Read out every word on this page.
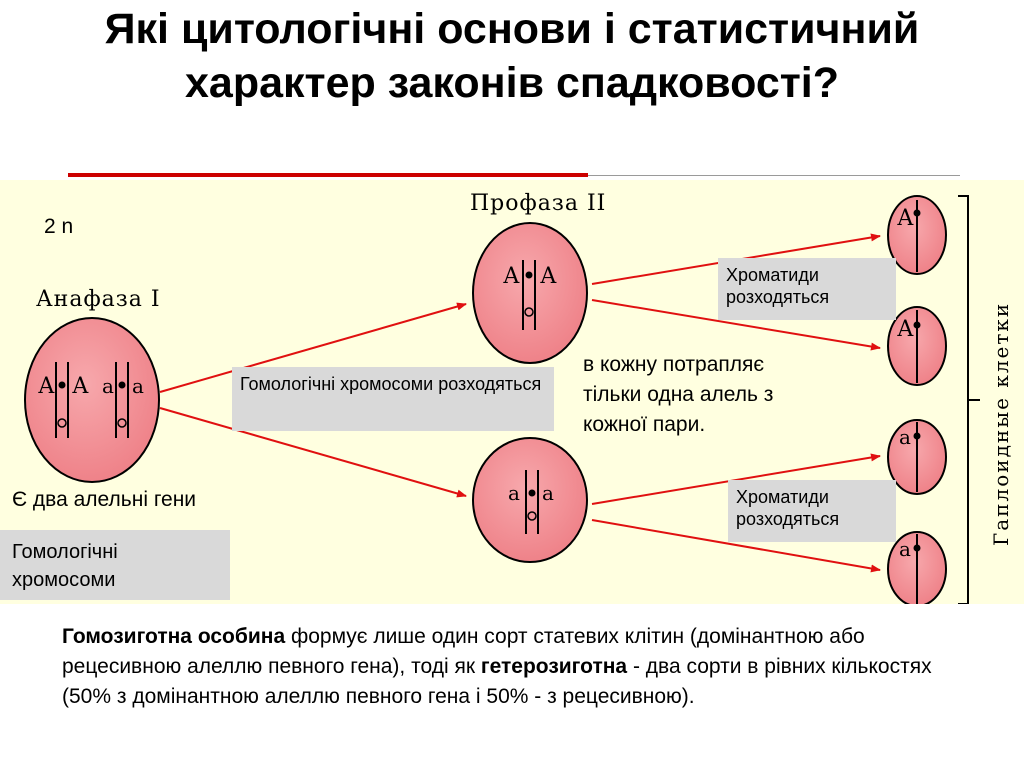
Які цитологічні основи і статистичний характер законів спадковості?
А А а а
А А
а а
А
А
а
а
Гаплоидные клетки
Анафаза I
Профаза II
2 n
Гомологічні хромосоми розходяться
Хроматиди розходяться
Хроматиди розходяться
в кожну потрапляє тільки одна алель з кожної пари.
Є два алельні гени
Гомологічні хромосоми
Гомозиготна особина формує лише один сорт статевих клітин (домінантною або рецесивною алеллю певного гена), тоді як гетерозиготна - два сорти в рівних кількостях (50% з домінантною алеллю певного гена і 50% - з рецесивною).
